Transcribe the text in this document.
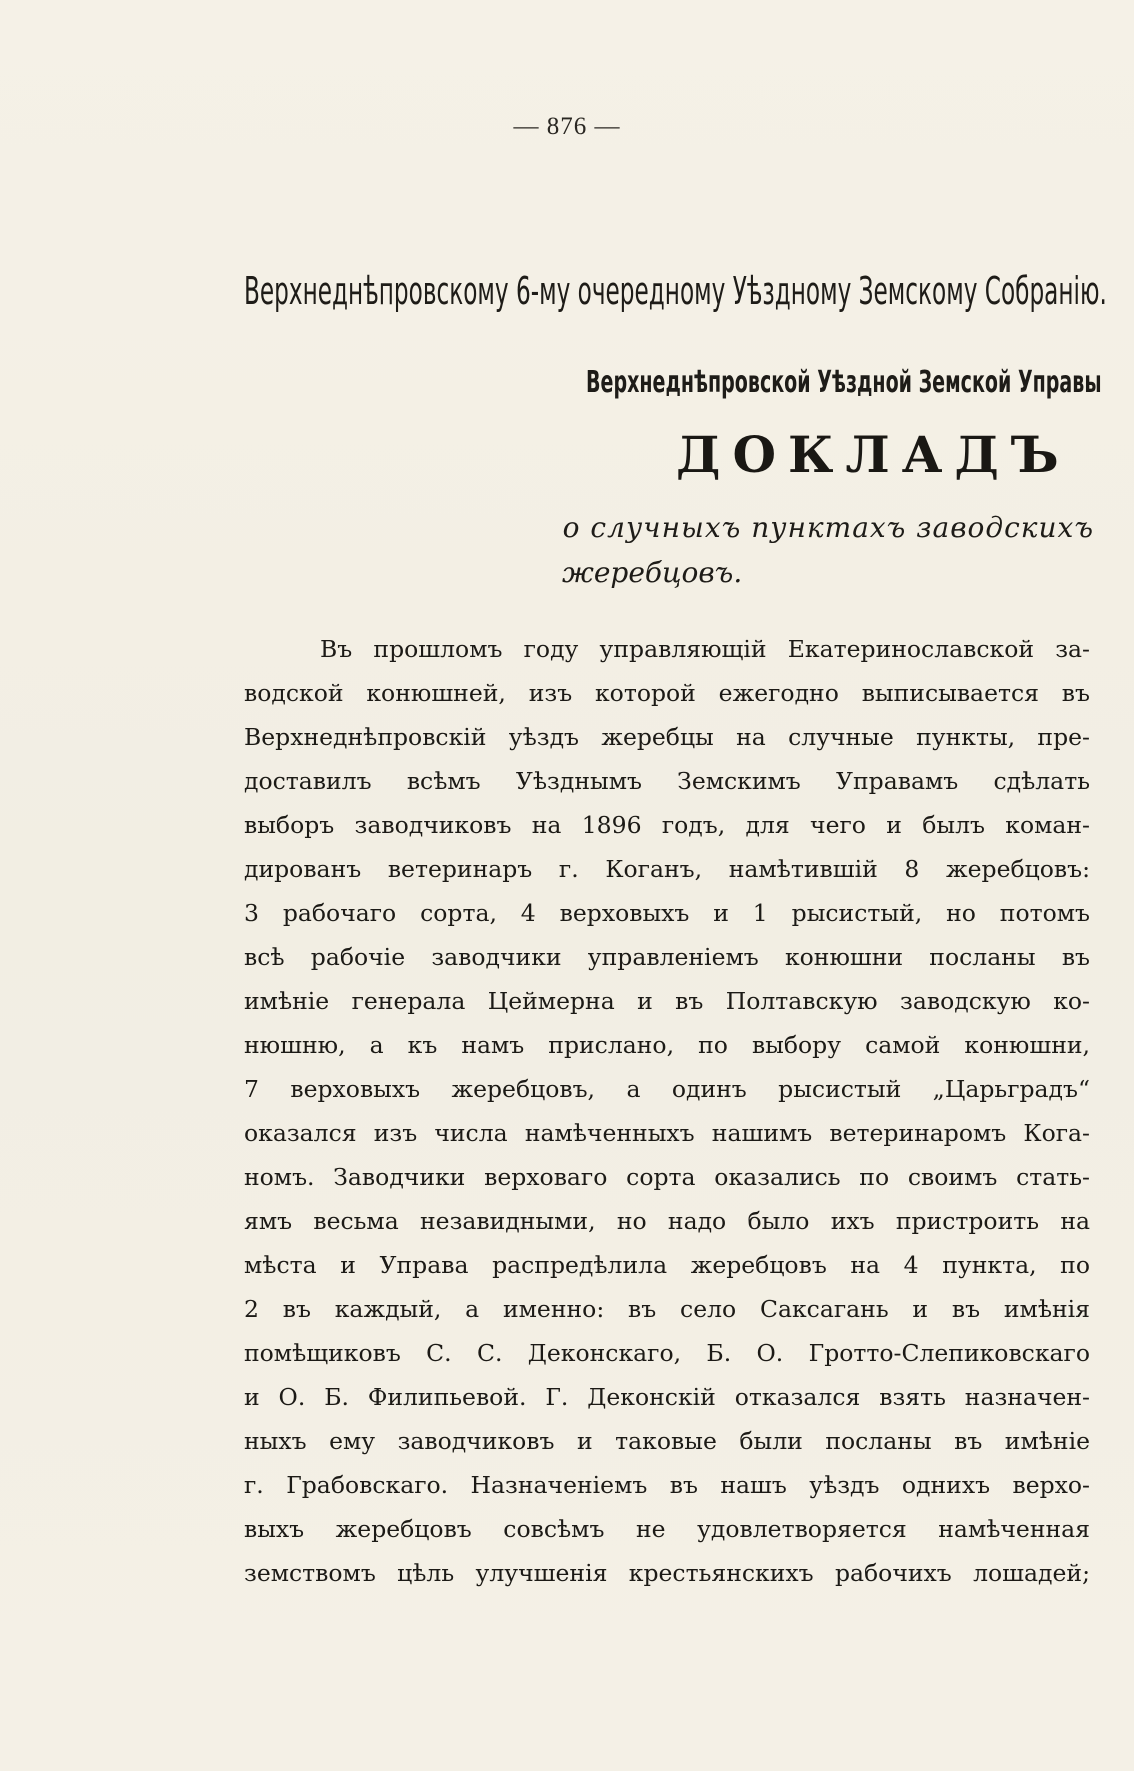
— 876 —
Верхнеднѣпровскому 6-му очередному Уѣздному Земскому Собранію.
Верхнеднѣпровской Уѣздной Земской Управы
ДОКЛАДЪ
о случныхъ пунктахъ заводскихъ
жеребцовъ.
Въ прошломъ году управляющій Екатеринославской за-
водской конюшней, изъ которой ежегодно выписывается въ
Верхнеднѣпровскій уѣздъ жеребцы на случные пункты, пре-
доставилъ всѣмъ Уѣзднымъ Земскимъ Управамъ сдѣлать
выборъ заводчиковъ на 1896 годъ, для чего и былъ коман-
дированъ ветеринаръ г. Коганъ, намѣтившій 8 жеребцовъ:
3 рабочаго сорта, 4 верховыхъ и 1 рысистый, но потомъ
всѣ рабочіе заводчики управленіемъ конюшни посланы въ
имѣніе генерала Цеймерна и въ Полтавскую заводскую ко-
нюшню, а къ намъ прислано, по выбору самой конюшни,
7 верховыхъ жеребцовъ, а одинъ рысистый „Царьградъ“
оказался изъ числа намѣченныхъ нашимъ ветеринаромъ Кога-
номъ. Заводчики верховаго сорта оказались по своимъ стать-
ямъ весьма незавидными, но надо было ихъ пристроить на
мѣста и Управа распредѣлила жеребцовъ на 4 пункта, по
2 въ каждый, а именно: въ село Саксагань и въ имѣнія
помѣщиковъ С. С. Деконскаго, Б. О. Гротто-Слепиковскаго
и О. Б. Филипьевой. Г. Деконскій отказался взять назначен-
ныхъ ему заводчиковъ и таковые были посланы въ имѣніе
г. Грабовскаго. Назначеніемъ въ нашъ уѣздъ однихъ верхо-
выхъ жеребцовъ совсѣмъ не удовлетворяется намѣченная
земствомъ цѣль улучшенія крестьянскихъ рабочихъ лошадей;
